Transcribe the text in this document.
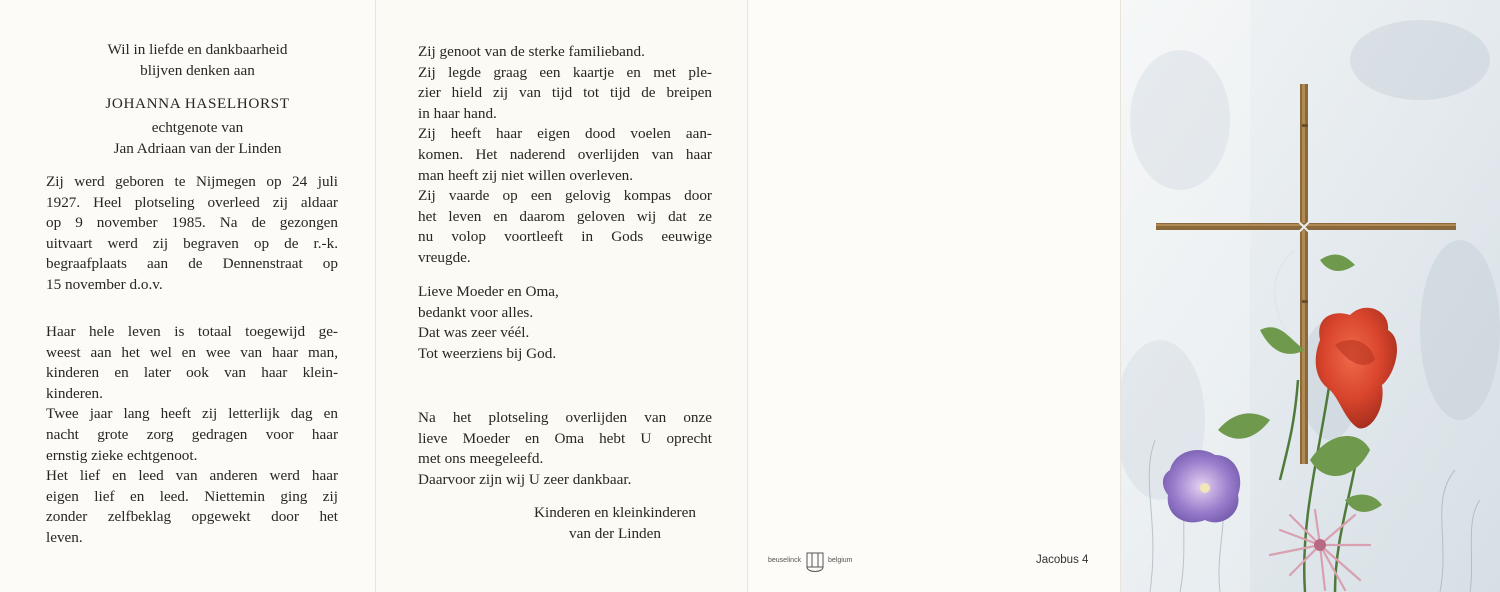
Wil in liefde en dankbaarheid
blijven denken aan
JOHANNA HASELHORST
echtgenote van
Jan Adriaan van der Linden
Zij werd geboren te Nijmegen op 24 juli
1927. Heel plotseling overleed zij aldaar
op 9 november 1985. Na de gezongen
uitvaart werd zij begraven op de r.-k.
begraafplaats aan de Dennenstraat op
15 november d.o.v.
Haar hele leven is totaal toegewijd ge-
weest aan het wel en wee van haar man,
kinderen en later ook van haar klein-
kinderen.
Twee jaar lang heeft zij letterlijk dag en
nacht grote zorg gedragen voor haar
ernstig zieke echtgenoot.
Het lief en leed van anderen werd haar
eigen lief en leed. Niettemin ging zij
zonder zelfbeklag opgewekt door het
leven.
Zij genoot van de sterke familieband.
Zij legde graag een kaartje en met ple-
zier hield zij van tijd tot tijd de breipen
in haar hand.
Zij heeft haar eigen dood voelen aan-
komen. Het naderend overlijden van haar
man heeft zij niet willen overleven.
Zij vaarde op een gelovig kompas door
het leven en daarom geloven wij dat ze
nu volop voortleeft in Gods eeuwige
vreugde.
Lieve Moeder en Oma,
bedankt voor alles.
Dat was zeer véél.
Tot weerziens bij God.
Na het plotseling overlijden van onze
lieve Moeder en Oma hebt U oprecht
met ons meegeleefd.
Daarvoor zijn wij U zeer dankbaar.
Kinderen en kleinkinderen
van der Linden
beuselinck	belgium	Jacobus 4
